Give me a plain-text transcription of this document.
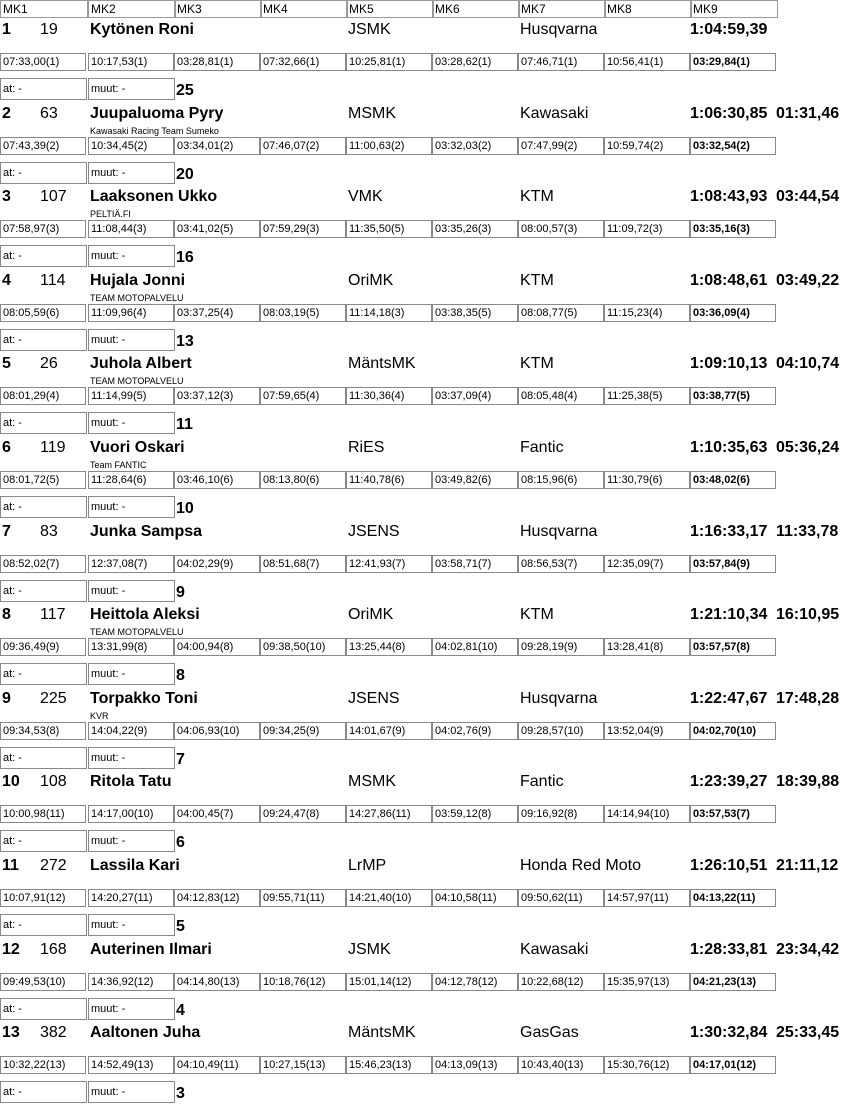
MK1	MK2	MK3	MK4	MK5	MK6	MK7	MK8	MK9
1 19 Kytönen Roni	JSMK	Husqvarna	1:04:59,39
07:33,00(1)	10:17,53(1)	03:28,81(1)	07:32,66(1)	10:25,81(1)	03:28,62(1)	07:46,71(1)	10:56,41(1)	03:29,84(1)
at: -	muut: -	25
2 63 Juupaluoma Pyry	MSMK	Kawasaki	1:06:30,85 01:31,46
Kawasaki Racing Team Sumeko
07:43,39(2)	10:34,45(2)	03:34,01(2)	07:46,07(2)	11:00,63(2)	03:32,03(2)	07:47,99(2)	10:59,74(2)	03:32,54(2)
at: -	muut: -	20
3 107 Laaksonen Ukko	VMK	KTM	1:08:43,93 03:44,54
PELTIÄ.FI
07:58,97(3)	11:08,44(3)	03:41,02(5)	07:59,29(3)	11:35,50(5)	03:35,26(3)	08:00,57(3)	11:09,72(3)	03:35,16(3)
at: -	muut: -	16
4 114 Hujala Jonni	OriMK	KTM	1:08:48,61 03:49,22
TEAM MOTOPALVELU
08:05,59(6)	11:09,96(4)	03:37,25(4)	08:03,19(5)	11:14,18(3)	03:38,35(5)	08:08,77(5)	11:15,23(4)	03:36,09(4)
at: -	muut: -	13
5 26 Juhola Albert	MäntsMK	KTM	1:09:10,13 04:10,74
TEAM MOTOPALVELU
08:01,29(4)	11:14,99(5)	03:37,12(3)	07:59,65(4)	11:30,36(4)	03:37,09(4)	08:05,48(4)	11:25,38(5)	03:38,77(5)
at: -	muut: -	11
6 119 Vuori Oskari	RiES	Fantic	1:10:35,63 05:36,24
Team FANTIC
08:01,72(5)	11:28,64(6)	03:46,10(6)	08:13,80(6)	11:40,78(6)	03:49,82(6)	08:15,96(6)	11:30,79(6)	03:48,02(6)
at: -	muut: -	10
7 83 Junka Sampsa	JSENS	Husqvarna	1:16:33,17 11:33,78
08:52,02(7)	12:37,08(7)	04:02,29(9)	08:51,68(7)	12:41,93(7)	03:58,71(7)	08:56,53(7)	12:35,09(7)	03:57,84(9)
at: -	muut: -	9
8 117 Heittola Aleksi	OriMK	KTM	1:21:10,34 16:10,95
TEAM MOTOPALVELU
09:36,49(9)	13:31,99(8)	04:00,94(8)	09:38,50(10)	13:25,44(8)	04:02,81(10)	09:28,19(9)	13:28,41(8)	03:57,57(8)
at: -	muut: -	8
9 225 Torpakko Toni	JSENS	Husqvarna	1:22:47,67 17:48,28
KVR
09:34,53(8)	14:04,22(9)	04:06,93(10)	09:34,25(9)	14:01,67(9)	04:02,76(9)	09:28,57(10)	13:52,04(9)	04:02,70(10)
at: -	muut: -	7
10 108 Ritola Tatu	MSMK	Fantic	1:23:39,27 18:39,88
10:00,98(11)	14:17,00(10)	04:00,45(7)	09:24,47(8)	14:27,86(11)	03:59,12(8)	09:16,92(8)	14:14,94(10)	03:57,53(7)
at: -	muut: -	6
11 272 Lassila Kari	LrMP	Honda Red Moto	1:26:10,51 21:11,12
10:07,91(12)	14:20,27(11)	04:12,83(12)	09:55,71(11)	14:21,40(10)	04:10,58(11)	09:50,62(11)	14:57,97(11)	04:13,22(11)
at: -	muut: -	5
12 168 Auterinen Ilmari	JSMK	Kawasaki	1:28:33,81 23:34,42
09:49,53(10)	14:36,92(12)	04:14,80(13)	10:18,76(12)	15:01,14(12)	04:12,78(12)	10:22,68(12)	15:35,97(13)	04:21,23(13)
at: -	muut: -	4
13 382 Aaltonen Juha	MäntsMK	GasGas	1:30:32,84 25:33,45
10:32,22(13)	14:52,49(13)	04:10,49(11)	10:27,15(13)	15:46,23(13)	04:13,09(13)	10:43,40(13)	15:30,76(12)	04:17,01(12)
at: -	muut: -	3
